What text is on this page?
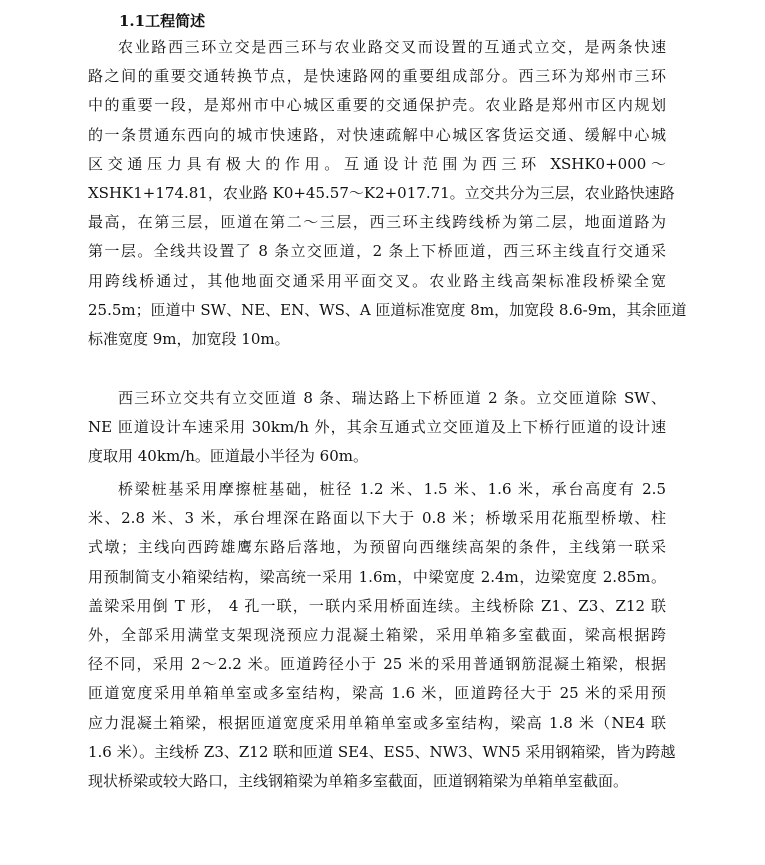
1.1工程简述
农业路西三环立交是西三环与农业路交叉而设置的互通式立交，是两条快速
路之间的重要交通转换节点，是快速路网的重要组成部分。西三环为郑州市三环
中的重要一段，是郑州市中心城区重要的交通保护壳。农业路是郑州市区内规划
的一条贯通东西向的城市快速路，对快速疏解中心城区客货运交通、缓解中心城
区交通压力具有极大的作用。互通设计范围为西三环 XSHK0+000～
XSHK1+174.81，农业路 K0+45.57～K2+017.71。立交共分为三层，农业路快速路
最高，在第三层，匝道在第二～三层，西三环主线跨线桥为第二层，地面道路为
第一层。全线共设置了 8 条立交匝道，2 条上下桥匝道，西三环主线直行交通采
用跨线桥通过，其他地面交通采用平面交叉。农业路主线高架标准段桥梁全宽
25.5m；匝道中 SW、NE、EN、WS、A 匝道标准宽度 8m，加宽段 8.6-9m，其余匝道
标准宽度 9m，加宽段 10m。
西三环立交共有立交匝道 8 条、瑞达路上下桥匝道 2 条。立交匝道除 SW、
NE 匝道设计车速采用 30km/h 外，其余互通式立交匝道及上下桥行匝道的设计速
度取用 40km/h。匝道最小半径为 60m。
桥梁桩基采用摩擦桩基础，桩径 1.2 米、1.5 米、1.6 米，承台高度有 2.5
米、2.8 米、3 米，承台埋深在路面以下大于 0.8 米；桥墩采用花瓶型桥墩、柱
式墩；主线向西跨雄鹰东路后落地，为预留向西继续高架的条件，主线第一联采
用预制简支小箱梁结构，梁高统一采用 1.6m，中梁宽度 2.4m，边梁宽度 2.85m。
盖梁采用倒 T 形， 4 孔一联，一联内采用桥面连续。主线桥除 Z1、Z3、Z12 联
外，全部采用满堂支架现浇预应力混凝土箱梁，采用单箱多室截面，梁高根据跨
径不同，采用 2～2.2 米。匝道跨径小于 25 米的采用普通钢筋混凝土箱梁，根据
匝道宽度采用单箱单室或多室结构，梁高 1.6 米，匝道跨径大于 25 米的采用预
应力混凝土箱梁，根据匝道宽度采用单箱单室或多室结构，梁高 1.8 米（NE4 联
1.6 米）。主线桥 Z3、Z12 联和匝道 SE4、ES5、NW3、WN5 采用钢箱梁，皆为跨越
现状桥梁或较大路口，主线钢箱梁为单箱多室截面，匝道钢箱梁为单箱单室截面。
